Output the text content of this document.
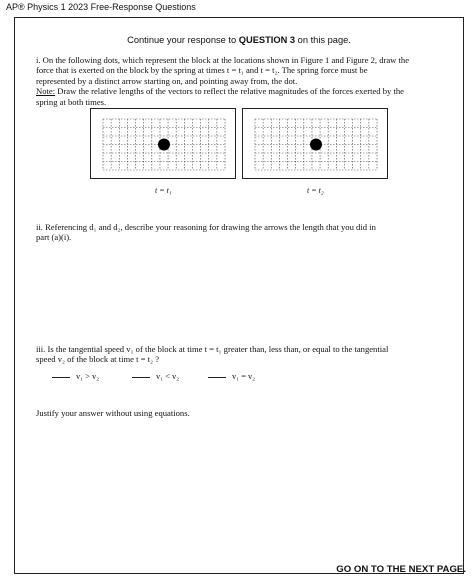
AP® Physics 1 2023 Free-Response Questions
Continue your response to QUESTION 3 on this page.
i. On the following dots, which represent the block at the locations shown in Figure 1 and Figure 2, draw the
force that is exerted on the block by the spring at times t = t₁ and t = t₂. The spring force must be
represented by a distinct arrow starting on, and pointing away from, the dot.
Note: Draw the relative lengths of the vectors to reflect the relative magnitudes of the forces exerted by the
spring at both times.
t = t₁	t = t₂
ii. Referencing d₁ and d₂, describe your reasoning for drawing the arrows the length that you did in
part (a)(i).
iii. Is the tangential speed v₁ of the block at time t = t₁ greater than, less than, or equal to the tangential
speed v₂ of the block at time t = t₂ ?
v₁ > v₂	v₁ < v₂	v₁ = v₂
Justify your answer without using equations.
GO ON TO THE NEXT PAGE.
